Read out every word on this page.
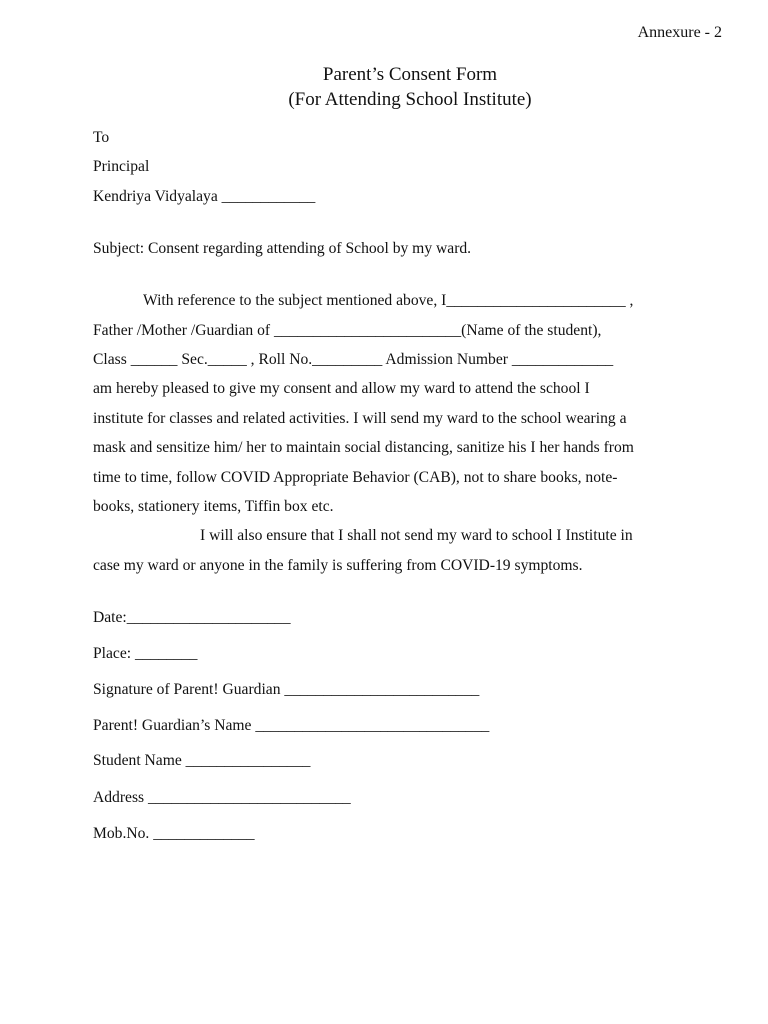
Annexure - 2
Parent’s Consent Form
(For Attending School Institute)
To
Principal
Kendriya Vidyalaya ____________
Subject: Consent regarding attending of School by my ward.
With reference to the subject mentioned above, I_______________________ ,
Father /Mother /Guardian of ________________________(Name of the student),
Class ______ Sec._____ , Roll No._________ Admission Number _____________
am hereby pleased to give my consent and allow my ward to attend the school I
institute for classes and related activities. I will send my ward to the school wearing a
mask and sensitize him/ her to maintain social distancing, sanitize his I her hands from
time to time, follow COVID Appropriate Behavior (CAB), not to share books, note-
books, stationery items, Tiffin box etc.
I will also ensure that I shall not send my ward to school I Institute in
case my ward or anyone in the family is suffering from COVID-19 symptoms.
Date:_____________________
Place: ________
Signature of Parent! Guardian _________________________
Parent! Guardian’s Name ______________________________
Student Name ________________
Address __________________________
Mob.No. _____________
